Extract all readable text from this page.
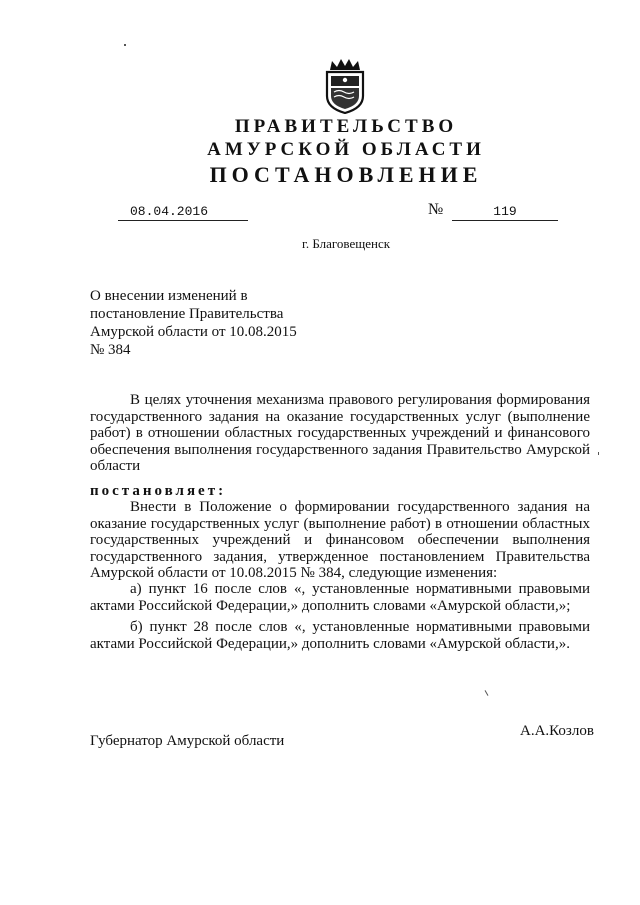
ПРАВИТЕЛЬСТВО
АМУРСКОЙ ОБЛАСТИ
ПОСТАНОВЛЕНИЕ
08.04.2016	№	119
г. Благовещенск
О внесении изменений в
постановление Правительства
Амурской области от 10.08.2015
№ 384
В целях уточнения механизма правового регулирования формирования государственного задания на оказание государственных услуг (выполнение работ) в отношении областных государственных учреждений и финансового обеспечения выполнения государственного задания Правительство Амурской области
постановляет:
Внести в Положение о формировании государственного задания на оказание государственных услуг (выполнение работ) в отношении областных государственных учреждений и финансовом обеспечении выполнения государственного задания, утвержденное постановлением Правительства Амурской области от 10.08.2015 № 384, следующие изменения:
а) пункт 16 после слов «, установленные нормативными правовыми актами Российской Федерации,» дополнить словами «Амурской области,»;
б) пункт 28 после слов «, установленные нормативными правовыми актами Российской Федерации,» дополнить словами «Амурской области,».
Губернатор Амурской области
А.А.Козлов
